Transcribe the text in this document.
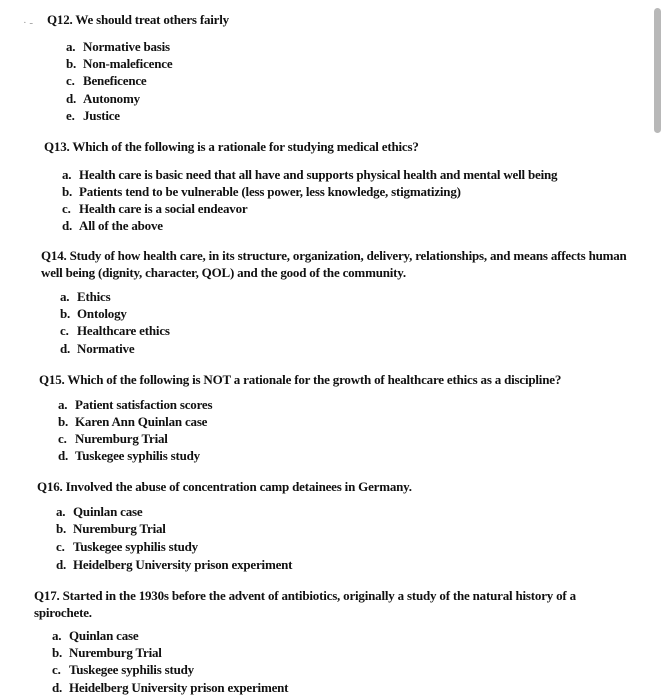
· - Q12. We should treat others fairly
a. Normative basis
b. Non-maleficence
c. Beneficence
d. Autonomy
e. Justice
Q13. Which of the following is a rationale for studying medical ethics?
a. Health care is basic need that all have and supports physical health and mental well being
b. Patients tend to be vulnerable (less power, less knowledge, stigmatizing)
c. Health care is a social endeavor
d. All of the above
Q14. Study of how health care, in its structure, organization, delivery, relationships, and means affects human
well being (dignity, character, QOL) and the good of the community.
a. Ethics
b. Ontology
c. Healthcare ethics
d. Normative
Q15. Which of the following is NOT a rationale for the growth of healthcare ethics as a discipline?
a. Patient satisfaction scores
b. Karen Ann Quinlan case
c. Nuremburg Trial
d. Tuskegee syphilis study
Q16. Involved the abuse of concentration camp detainees in Germany.
a. Quinlan case
b. Nuremburg Trial
c. Tuskegee syphilis study
d. Heidelberg University prison experiment
Q17. Started in the 1930s before the advent of antibiotics, originally a study of the natural history of a
spirochete.
a. Quinlan case
b. Nuremburg Trial
c. Tuskegee syphilis study
d. Heidelberg University prison experiment
